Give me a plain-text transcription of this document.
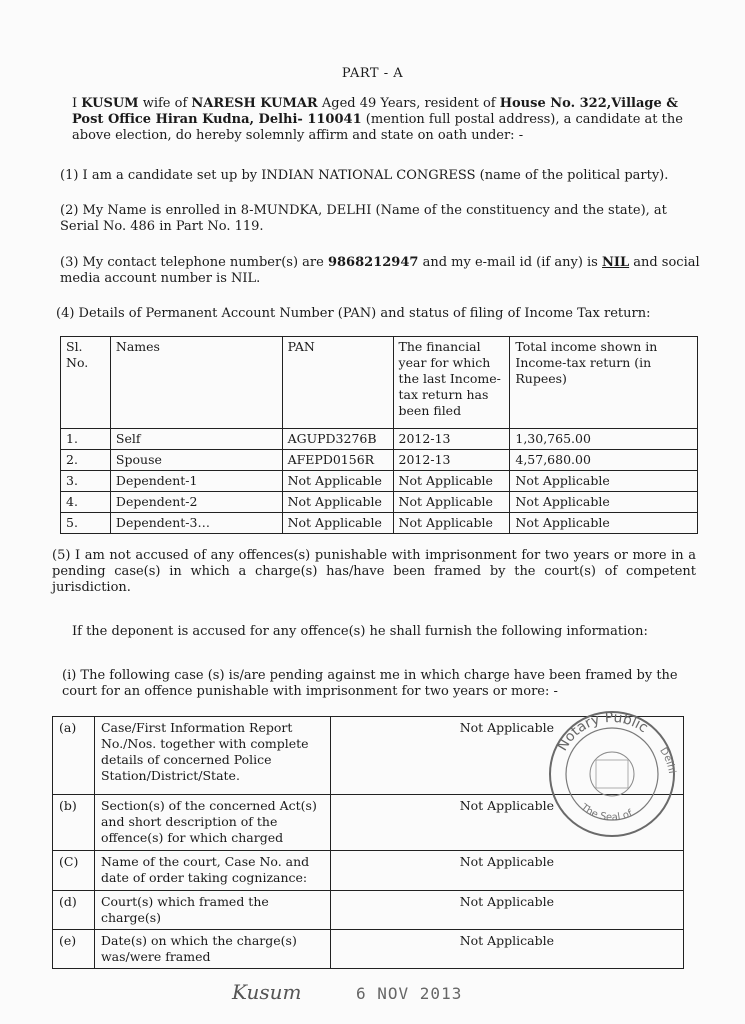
PART - A
I KUSUM wife of NARESH KUMAR Aged 49 Years, resident of House No. 322,Village & Post Office Hiran Kudna, Delhi- 110041 (mention full postal address), a candidate at the above election, do hereby solemnly affirm and state on oath under: -
(1) I am a candidate set up by INDIAN NATIONAL CONGRESS (name of the political party).
(2) My Name is enrolled in 8-MUNDKA, DELHI (Name of the constituency and the state), at Serial No. 486 in Part No. 119.
(3) My contact telephone number(s) are 9868212947 and my e-mail id (if any) is NIL and social media account number is NIL.
(4) Details of Permanent Account Number (PAN) and status of filing of Income Tax return:
Sl. No.	Names	PAN	The financial year for which the last Income-tax return has been filed	Total income shown in Income-tax return (in Rupees)
1.	Self	AGUPD3276B	2012-13	1,30,765.00
2.	Spouse	AFEPD0156R	2012-13	4,57,680.00
3.	Dependent-1	Not Applicable	Not Applicable	Not Applicable
4.	Dependent-2	Not Applicable	Not Applicable	Not Applicable
5.	Dependent-3…	Not Applicable	Not Applicable	Not Applicable
(5) I am not accused of any offences(s) punishable with imprisonment for two years or more in a pending case(s) in which a charge(s) has/have been framed by the court(s) of competent jurisdiction.
If the deponent is accused for any offence(s) he shall furnish the following information:
(i) The following case (s) is/are pending against me in which charge have been framed by the court for an offence punishable with imprisonment for two years or more: -
(a)	Case/First Information Report No./Nos. together with complete details of concerned Police Station/District/State.	Not Applicable
(b)	Section(s) of the concerned Act(s) and short description of the offence(s) for which charged	Not Applicable
(C)	Name of the court, Case No. and date of order taking cognizance:	Not Applicable
(d)	Court(s) which framed the charge(s)	Not Applicable
(e)	Date(s) on which the charge(s) was/were framed	Not Applicable
Notary Public
The Seal of
Delhi
Kusum	6 NOV 2013
